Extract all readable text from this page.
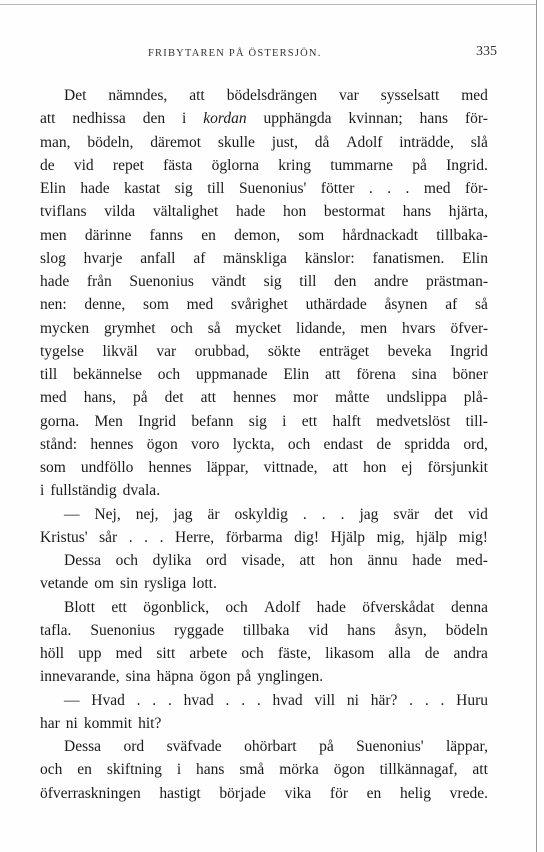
FRIBYTAREN PÅ ÖSTERSJÖN.	335
Det nämndes, att bödelsdrängen var sysselsatt med
att nedhissa den i kordan upphängda kvinnan; hans för-
man, bödeln, däremot skulle just, då Adolf inträdde, slå
de vid repet fästa öglorna kring tummarne på Ingrid.
Elin hade kastat sig till Suenonius' fötter . . . med för-
tviflans vilda vältalighet hade hon bestormat hans hjärta,
men därinne fanns en demon, som hårdnackadt tillbaka-
slog hvarje anfall af mänskliga känslor: fanatismen. Elin
hade från Suenonius vändt sig till den andre prästman-
nen: denne, som med svårighet uthärdade åsynen af så
mycken grymhet och så mycket lidande, men hvars öfver-
tygelse likväl var orubbad, sökte enträget beveka Ingrid
till bekännelse och uppmanade Elin att förena sina böner
med hans, på det att hennes mor måtte undslippa plå-
gorna. Men Ingrid befann sig i ett halft medvetslöst till-
stånd: hennes ögon voro lyckta, och endast de spridda ord,
som undföllo hennes läppar, vittnade, att hon ej försjunkit
i fullständig dvala.
— Nej, nej, jag är oskyldig . . . jag svär det vid
Kristus' sår . . . Herre, förbarma dig! Hjälp mig, hjälp mig!
Dessa och dylika ord visade, att hon ännu hade med-
vetande om sin rysliga lott.
Blott ett ögonblick, och Adolf hade öfverskådat denna
tafla. Suenonius ryggade tillbaka vid hans åsyn, bödeln
höll upp med sitt arbete och fäste, likasom alla de andra
innevarande, sina häpna ögon på ynglingen.
— Hvad . . . hvad . . . hvad vill ni här? . . . Huru
har ni kommit hit?
Dessa ord sväfvade ohörbart på Suenonius' läppar,
och en skiftning i hans små mörka ögon tillkännagaf, att
öfverraskningen hastigt började vika för en helig vrede.
